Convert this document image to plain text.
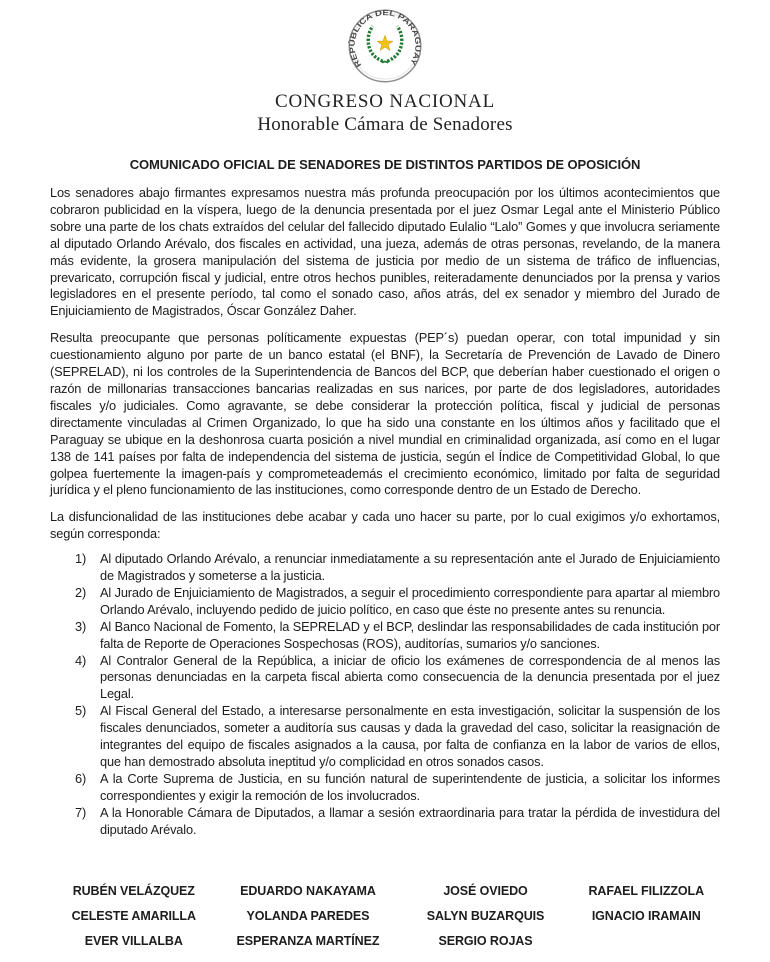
REPÚBLICA DEL PARAGUAY
CONGRESO NACIONAL
Honorable Cámara de Senadores
COMUNICADO OFICIAL DE SENADORES DE DISTINTOS PARTIDOS DE OPOSICIÓN

Los senadores abajo firmantes expresamos nuestra más profunda preocupación por los últimos acontecimientos que cobraron publicidad en la víspera, luego de la denuncia presentada por el juez Osmar Legal ante el Ministerio Público sobre una parte de los chats extraídos del celular del fallecido diputado Eulalio “Lalo” Gomes y que involucra seriamente al diputado Orlando Arévalo, dos fiscales en actividad, una jueza, además de otras personas, revelando, de la manera más evidente, la grosera manipulación del sistema de justicia por medio de un sistema de tráfico de influencias, prevaricato, corrupción fiscal y judicial, entre otros hechos punibles, reiteradamente denunciados por la prensa y varios legisladores en el presente período, tal como el sonado caso, años atrás, del ex senador y miembro del Jurado de Enjuiciamiento de Magistrados, Óscar González Daher.

Resulta preocupante que personas políticamente expuestas (PEP´s) puedan operar, con total impunidad y sin cuestionamiento alguno por parte de un banco estatal (el BNF), la Secretaría de Prevención de Lavado de Dinero (SEPRELAD), ni los controles de la Superintendencia de Bancos del BCP, que deberían haber cuestionado el origen o razón de millonarias transacciones bancarias realizadas en sus narices, por parte de dos legisladores, autoridades fiscales y/o judiciales. Como agravante, se debe considerar la protección política, fiscal y judicial de personas directamente vinculadas al Crimen Organizado, lo que ha sido una constante en los últimos años y facilitado que el Paraguay se ubique en la deshonrosa cuarta posición a nivel mundial en criminalidad organizada, así como en el lugar 138 de 141 países por falta de independencia del sistema de justicia, según el Índice de Competitividad Global, lo que golpea fuertemente la imagen-país y comprometeademás el crecimiento económico, limitado por falta de seguridad jurídica y el pleno funcionamiento de las instituciones, como corresponde dentro de un Estado de Derecho.

La disfuncionalidad de las instituciones debe acabar y cada uno hacer su parte, por lo cual exigimos y/o exhortamos, según corresponda:

1) Al diputado Orlando Arévalo, a renunciar inmediatamente a su representación ante el Jurado de Enjuiciamiento de Magistrados y someterse a la justicia.
2) Al Jurado de Enjuiciamiento de Magistrados, a seguir el procedimiento correspondiente para apartar al miembro Orlando Arévalo, incluyendo pedido de juicio político, en caso que éste no presente antes su renuncia.
3) Al Banco Nacional de Fomento, la SEPRELAD y el BCP, deslindar las responsabilidades de cada institución por falta de Reporte de Operaciones Sospechosas (ROS), auditorías, sumarios y/o sanciones.
4) Al Contralor General de la República, a iniciar de oficio los exámenes de correspondencia de al menos las personas denunciadas en la carpeta fiscal abierta como consecuencia de la denuncia presentada por el juez Legal.
5) Al Fiscal General del Estado, a interesarse personalmente en esta investigación, solicitar la suspensión de los fiscales denunciados, someter a auditoría sus causas y dada la gravedad del caso, solicitar la reasignación de integrantes del equipo de fiscales asignados a la causa, por falta de confianza en la labor de varios de ellos, que han demostrado absoluta ineptitud y/o complicidad en otros sonados casos.
6) A la Corte Suprema de Justicia, en su función natural de superintendente de justicia, a solicitar los informes correspondientes y exigir la remoción de los involucrados.
7) A la Honorable Cámara de Diputados, a llamar a sesión extraordinaria para tratar la pérdida de investidura del diputado Arévalo.
RUBÉN VELÁZQUEZ	EDUARDO NAKAYAMA	JOSÉ OVIEDO	RAFAEL FILIZZOLA
CELESTE AMARILLA	YOLANDA PAREDES	SALYN BUZARQUIS	IGNACIO IRAMAIN
EVER VILLALBA	ESPERANZA MARTÍNEZ	SERGIO ROJAS
